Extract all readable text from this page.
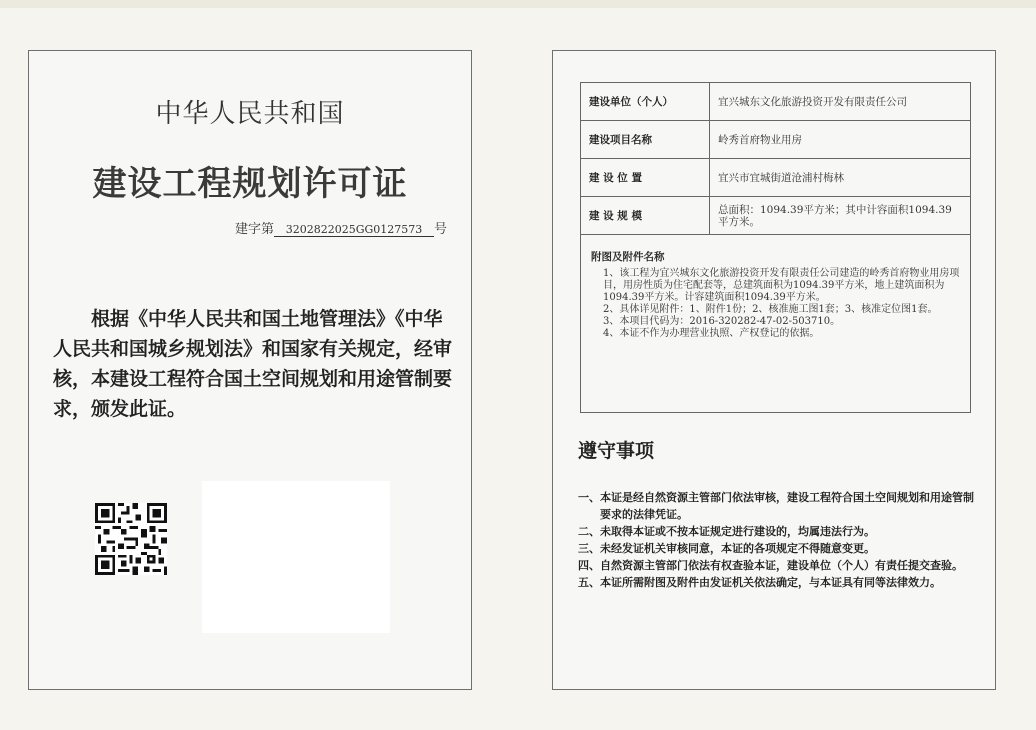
中华人民共和国
建设工程规划许可证
建字第 3202822025GG0127573 号
根据《中华人民共和国土地管理法》《中华人民共和国城乡规划法》和国家有关规定，经审核，本建设工程符合国土空间规划和用途管制要求，颁发此证。
建设单位（个人）	宜兴城东文化旅游投资开发有限责任公司
建设项目名称	岭秀首府物业用房
建 设 位 置	宜兴市宜城街道沧浦村梅林
建 设 规 模	总面积：1094.39平方米；其中计容面积1094.39平方米。

附图及附件名称
1、该工程为宜兴城东文化旅游投资开发有限责任公司建造的岭秀首府物业用房项目，用房性质为住宅配套等，总建筑面积为1094.39平方米，地上建筑面积为1094.39平方米。计容建筑面积1094.39平方米。
2、具体详见附件：1、附件1份；2、核准施工图1套；3、核准定位图1套。
3、本项目代码为：2016-320282-47-02-503710。
4、本证不作为办理营业执照、产权登记的依据。	
遵守事项
一、 本证是经自然资源主管部门依法审核，建设工程符合国土空间规划和用途管制要求的法律凭证。
二、 未取得本证或不按本证规定进行建设的，均属违法行为。
三、 未经发证机关审核同意，本证的各项规定不得随意变更。
四、 自然资源主管部门依法有权查验本证，建设单位（个人）有责任提交查验。
五、 本证所需附图及附件由发证机关依法确定，与本证具有同等法律效力。
